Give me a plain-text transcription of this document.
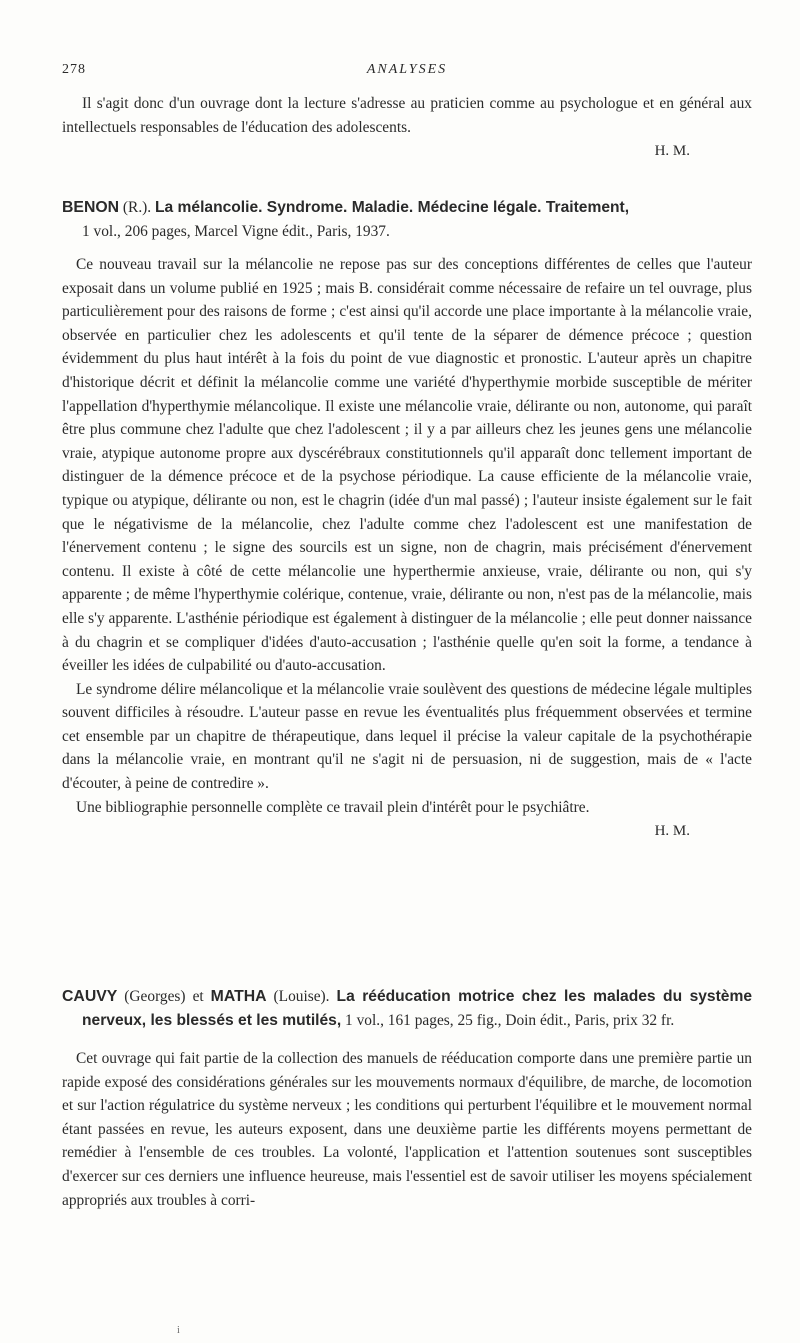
278	ANALYSES

Il s'agit donc d'un ouvrage dont la lecture s'adresse au praticien comme au psychologue et en général aux intellectuels responsables de l'éducation des adolescents.

H. M.

BENON (R.). La mélancolie. Syndrome. Maladie. Médecine légale. Traitement,
1 vol., 206 pages, Marcel Vigne édit., Paris, 1937.

Ce nouveau travail sur la mélancolie ne repose pas sur des conceptions différentes de celles que l'auteur exposait dans un volume publié en 1925 ; mais B. considérait comme nécessaire de refaire un tel ouvrage, plus particulièrement pour des raisons de forme ; c'est ainsi qu'il accorde une place importante à la mélancolie vraie, observée en particulier chez les adolescents et qu'il tente de la séparer de démence précoce ; question évidemment du plus haut intérêt à la fois du point de vue diagnostic et pronostic. L'auteur après un chapitre d'historique décrit et définit la mélancolie comme une variété d'hyperthymie morbide susceptible de mériter l'appellation d'hyperthymie mélancolique. Il existe une mélancolie vraie, délirante ou non, autonome, qui paraît être plus commune chez l'adulte que chez l'adolescent ; il y a par ailleurs chez les jeunes gens une mélancolie vraie, atypique autonome propre aux dyscérébraux constitutionnels qu'il apparaît donc tellement important de distinguer de la démence précoce et de la psychose périodique. La cause efficiente de la mélancolie vraie, typique ou atypique, délirante ou non, est le chagrin (idée d'un mal passé) ; l'auteur insiste également sur le fait que le négativisme de la mélancolie, chez l'adulte comme chez l'adolescent est une manifestation de l'énervement contenu ; le signe des sourcils est un signe, non de chagrin, mais précisément d'énervement contenu. Il existe à côté de cette mélancolie une hyperthermie anxieuse, vraie, délirante ou non, qui s'y apparente ; de même l'hyperthymie colérique, contenue, vraie, délirante ou non, n'est pas de la mélancolie, mais elle s'y apparente. L'asthénie périodique est également à distinguer de la mélancolie ; elle peut donner naissance à du chagrin et se compliquer d'idées d'auto-accusation ; l'asthénie quelle qu'en soit la forme, a tendance à éveiller les idées de culpabilité ou d'auto-accusation.

Le syndrome délire mélancolique et la mélancolie vraie soulèvent des questions de médecine légale multiples souvent difficiles à résoudre. L'auteur passe en revue les éventualités plus fréquemment observées et termine cet ensemble par un chapitre de thérapeutique, dans lequel il précise la valeur capitale de la psychothérapie dans la mélancolie vraie, en montrant qu'il ne s'agit ni de persuasion, ni de suggestion, mais de « l'acte d'écouter, à peine de contredire ».

Une bibliographie personnelle complète ce travail plein d'intérêt pour le psychiâtre.

H. M.

CAUVY (Georges) et MATHA (Louise). La rééducation motrice chez les malades du système nerveux, les blessés et les mutilés, 1 vol., 161 pages, 25 fig., Doin édit., Paris, prix 32 fr.

Cet ouvrage qui fait partie de la collection des manuels de rééducation comporte dans une première partie un rapide exposé des considérations générales sur les mouvements normaux d'équilibre, de marche, de locomotion et sur l'action régulatrice du système nerveux ; les conditions qui perturbent l'équilibre et le mouvement normal étant passées en revue, les auteurs exposent, dans une deuxième partie les différents moyens permettant de remédier à l'ensemble de ces troubles. La volonté, l'application et l'attention soutenues sont susceptibles d'exercer sur ces derniers une influence heureuse, mais l'essentiel est de savoir utiliser les moyens spécialement appropriés aux troubles à corri-

i
